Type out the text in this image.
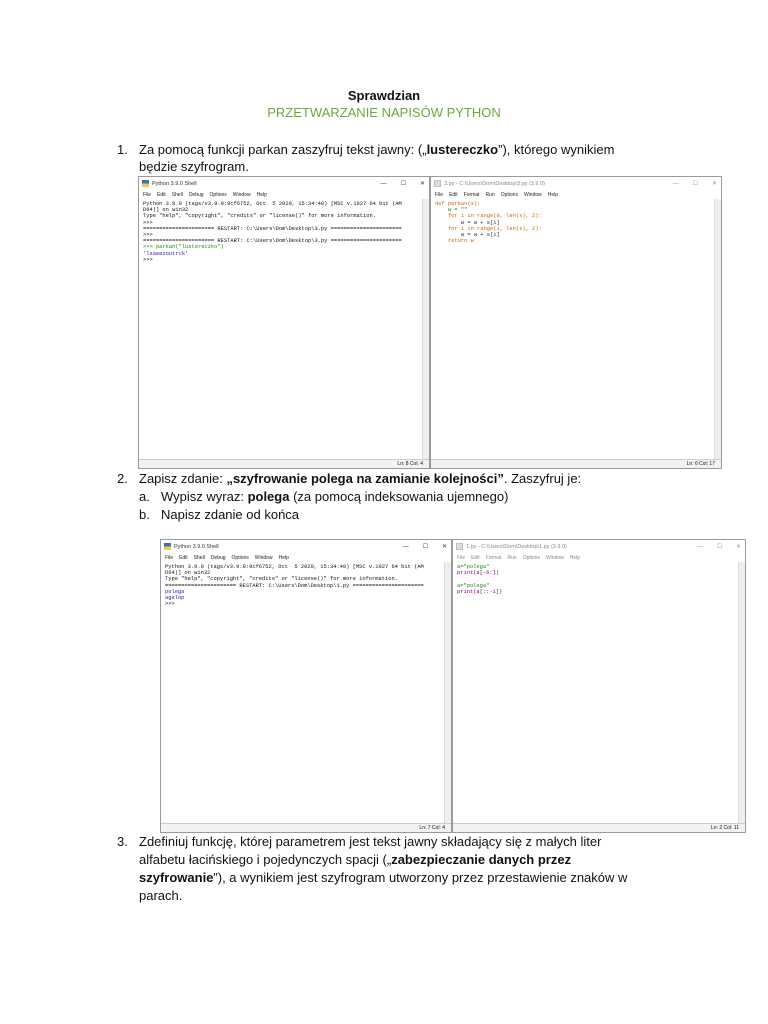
Sprawdzian
PRZETWARZANIE NAPISÓW PYTHON
1. Za pomocą funkcji parkan zaszyfruj tekst jawny: („lustereczko”), którego wynikiem
będzie szyfrogram.
Python 3.9.0 Shell	— ☐ ✕
File Edit Shell Debug Options Window Help
Python 3.9.0 (tags/v3.9.0:9cf6752, Oct  5 2020, 15:34:40) [MSC v.1927 64 bit (AM
D64)] on win32
Type "help", "copyright", "credits" or "license()" for more information.
>>>
====================== RESTART: C:\Users\Dom\Desktop\3.py ======================
>>>
====================== RESTART: C:\Users\Dom\Desktop\3.py ======================
>>> parkan("lustereczko")
'lsaeezoutrck'
>>>
Ln: 8 Col: 4
3.py - C:\Users\Dom\Desktop\3.py (3.9.0)	— ☐ ✕
File Edit Format Run Options Window Help
def parkan(s):
w = ""
for i in range(0, len(s), 2):
w = w + s[i]
for i in range(1, len(s), 2):
w = w + s[i]
return w
Ln: 6 Col: 17
2. Zapisz zdanie: „szyfrowanie polega na zamianie kolejności”. Zaszyfruj je:
a. Wypisz wyraz: polega (za pomocą indeksowania ujemnego)
b. Napisz zdanie od końca
Python 3.9.0 Shell	— ☐ ✕
File Edit Shell Debug Options Window Help
Python 3.9.0 (tags/v3.9.0:9cf6752, Oct  5 2020, 15:34:40) [MSC v.1927 64 bit (AM
D64)] on win32
Type "help", "copyright", "credits" or "license()" for more information.
====================== RESTART: C:\Users\Dom\Desktop\1.py ======================
polega
agelop
>>>
Ln: 7 Col: 4
1.py - C:\Users\Dom\Desktop\1.py (3.9.0)	— ☐ ✕
File Edit Format Run Options Window Help
a="polega"
print(a[-6:])

a="polega"
print(a[::-1])
Ln: 2 Col: 11
3. Zdefiniuj funkcję, której parametrem jest tekst jawny składający się z małych liter
alfabetu łacińskiego i pojedynczych spacji („zabezpieczanie danych przez
szyfrowanie”), a wynikiem jest szyfrogram utworzony przez przestawienie znaków w
parach.
